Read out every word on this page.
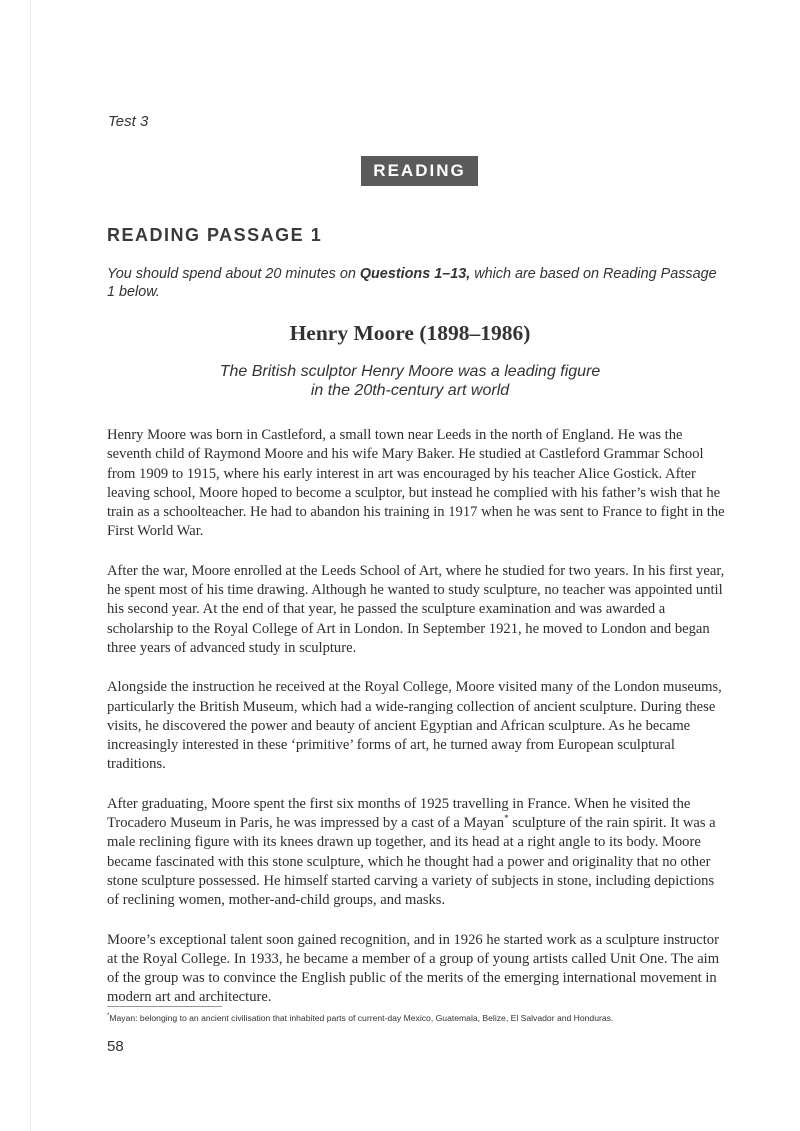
Test 3

READING
READING PASSAGE 1

You should spend about 20 minutes on Questions 1–13, which are based on Reading Passage 1 below.

Henry Moore (1898–1986)

The British sculptor Henry Moore was a leading figure
in the 20th-century art world

Henry Moore was born in Castleford, a small town near Leeds in the north of England. He was the seventh child of Raymond Moore and his wife Mary Baker. He studied at Castleford Grammar School from 1909 to 1915, where his early interest in art was encouraged by his teacher Alice Gostick. After leaving school, Moore hoped to become a sculptor, but instead he complied with his father’s wish that he train as a schoolteacher. He had to abandon his training in 1917 when he was sent to France to fight in the First World War.

After the war, Moore enrolled at the Leeds School of Art, where he studied for two years. In his first year, he spent most of his time drawing. Although he wanted to study sculpture, no teacher was appointed until his second year. At the end of that year, he passed the sculpture examination and was awarded a scholarship to the Royal College of Art in London. In September 1921, he moved to London and began three years of advanced study in sculpture.

Alongside the instruction he received at the Royal College, Moore visited many of the London museums, particularly the British Museum, which had a wide-ranging collection of ancient sculpture. During these visits, he discovered the power and beauty of ancient Egyptian and African sculpture. As he became increasingly interested in these ‘primitive’ forms of art, he turned away from European sculptural traditions.

After graduating, Moore spent the first six months of 1925 travelling in France. When he visited the Trocadero Museum in Paris, he was impressed by a cast of a Mayan* sculpture of the rain spirit. It was a male reclining figure with its knees drawn up together, and its head at a right angle to its body. Moore became fascinated with this stone sculpture, which he thought had a power and originality that no other stone sculpture possessed. He himself started carving a variety of subjects in stone, including depictions of reclining women, mother-and-child groups, and masks.

Moore’s exceptional talent soon gained recognition, and in 1926 he started work as a sculpture instructor at the Royal College. In 1933, he became a member of a group of young artists called Unit One. The aim of the group was to convince the English public of the merits of the emerging international movement in modern art and architecture.

*Mayan: belonging to an ancient civilisation that inhabited parts of current-day Mexico, Guatemala, Belize, El Salvador and Honduras.

58
